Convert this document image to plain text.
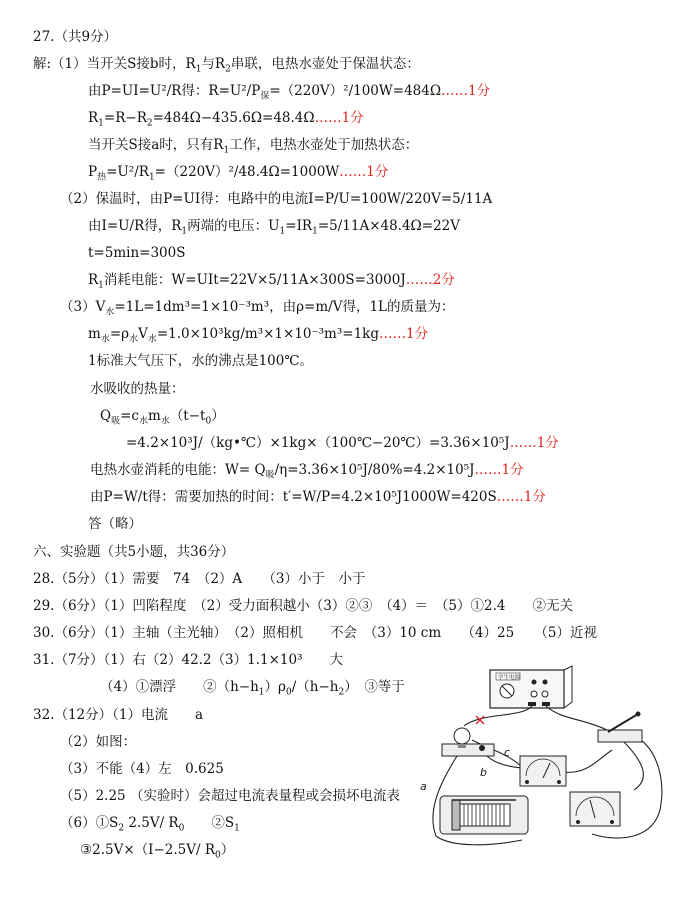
27.（共9分）
解:（1）当开关S接b时，$R_1$与$R_2$串联，电热水壶处于保温状态：
由P=UI=U²/R得：$R=U^2/P_保=(220V)^2/100W=484\Omega\dots\dots 1$分
$R_1=R-R_2=484\Omega-435.6\Omega=48.4\Omega\dots\dots 1$分
当开关S接a时，只有$R_1$工作，电热水壶处于加热状态：
$P_热=U^2/R_1=(220V)^2/48.4\Omega=1000W\dots\dots 1$分
（2）保温时，由P=UI得：电路中的电流I=P/U=100W/220V=5/11A
由I=U/R得，$R_1$两端的电压：$U_1=IR_1=5/11A\times 48.4\Omega=22V$
t=5min=300S
$R_1$消耗电能：W=UIt=22V×5/11A×300S=3000J……2分
$(3)V_水=1L=1dm^3=1\times 10^{-3}m^3$，由ρ=m/V得，1L的质量为：
$m_水=\rho_水V_水=1.0\times 10^3kg/m^3\times 1\times 10^{-3}m^3=1kg\dots\dots 1$分
1标准大气压下，水的沸点是100℃。
水吸收的热量：
$Q_吸=c_水m_水(t-t_0)$
=4.2×10³J/（kg•℃）×1kg×（100℃−20℃）=3.36×10⁵J……1分
电热水壶消耗的电能：$W= Q_吸/\eta=3.36\times 10^5J/80\%=4.2\times 10^5J\dots\dots 1$分
由P=W/t得：需要加热的时间：t′=W/P=4.2×10⁵J1000W=420S……1分
答（略）
六、实验题（共5小题，共36分）
28.（5分）（1）需要　74　（2）A　　（3）小于　小于
29.（6分）（1）凹陷程度　（2）受力面积越小（3）②③　（4）＝　（5）①2.4　　②无关
30.（6分）（1）主轴（主光轴）　（2）照相机　　不会　（3）10 cm　　（4）25　　（5）近视
31.（7分）（1）右（2）42.2（3）1.1×10³　　大
（4）①漂浮　　$②(h-h_1)\rho_0/(h-h_2)$　③等于
32.（12分）（1）电流　　a
（2）如图：
（3）不能（4）左　0.625
（5）2.25 （实验时）会超过电流表量程或会损坏电流表
$(6)①S_2$ 2.5V/ $R_0$　　$②S_1$
③2.5V×（I−2.5V/ $R_0$）
学生电源
a
b
c
